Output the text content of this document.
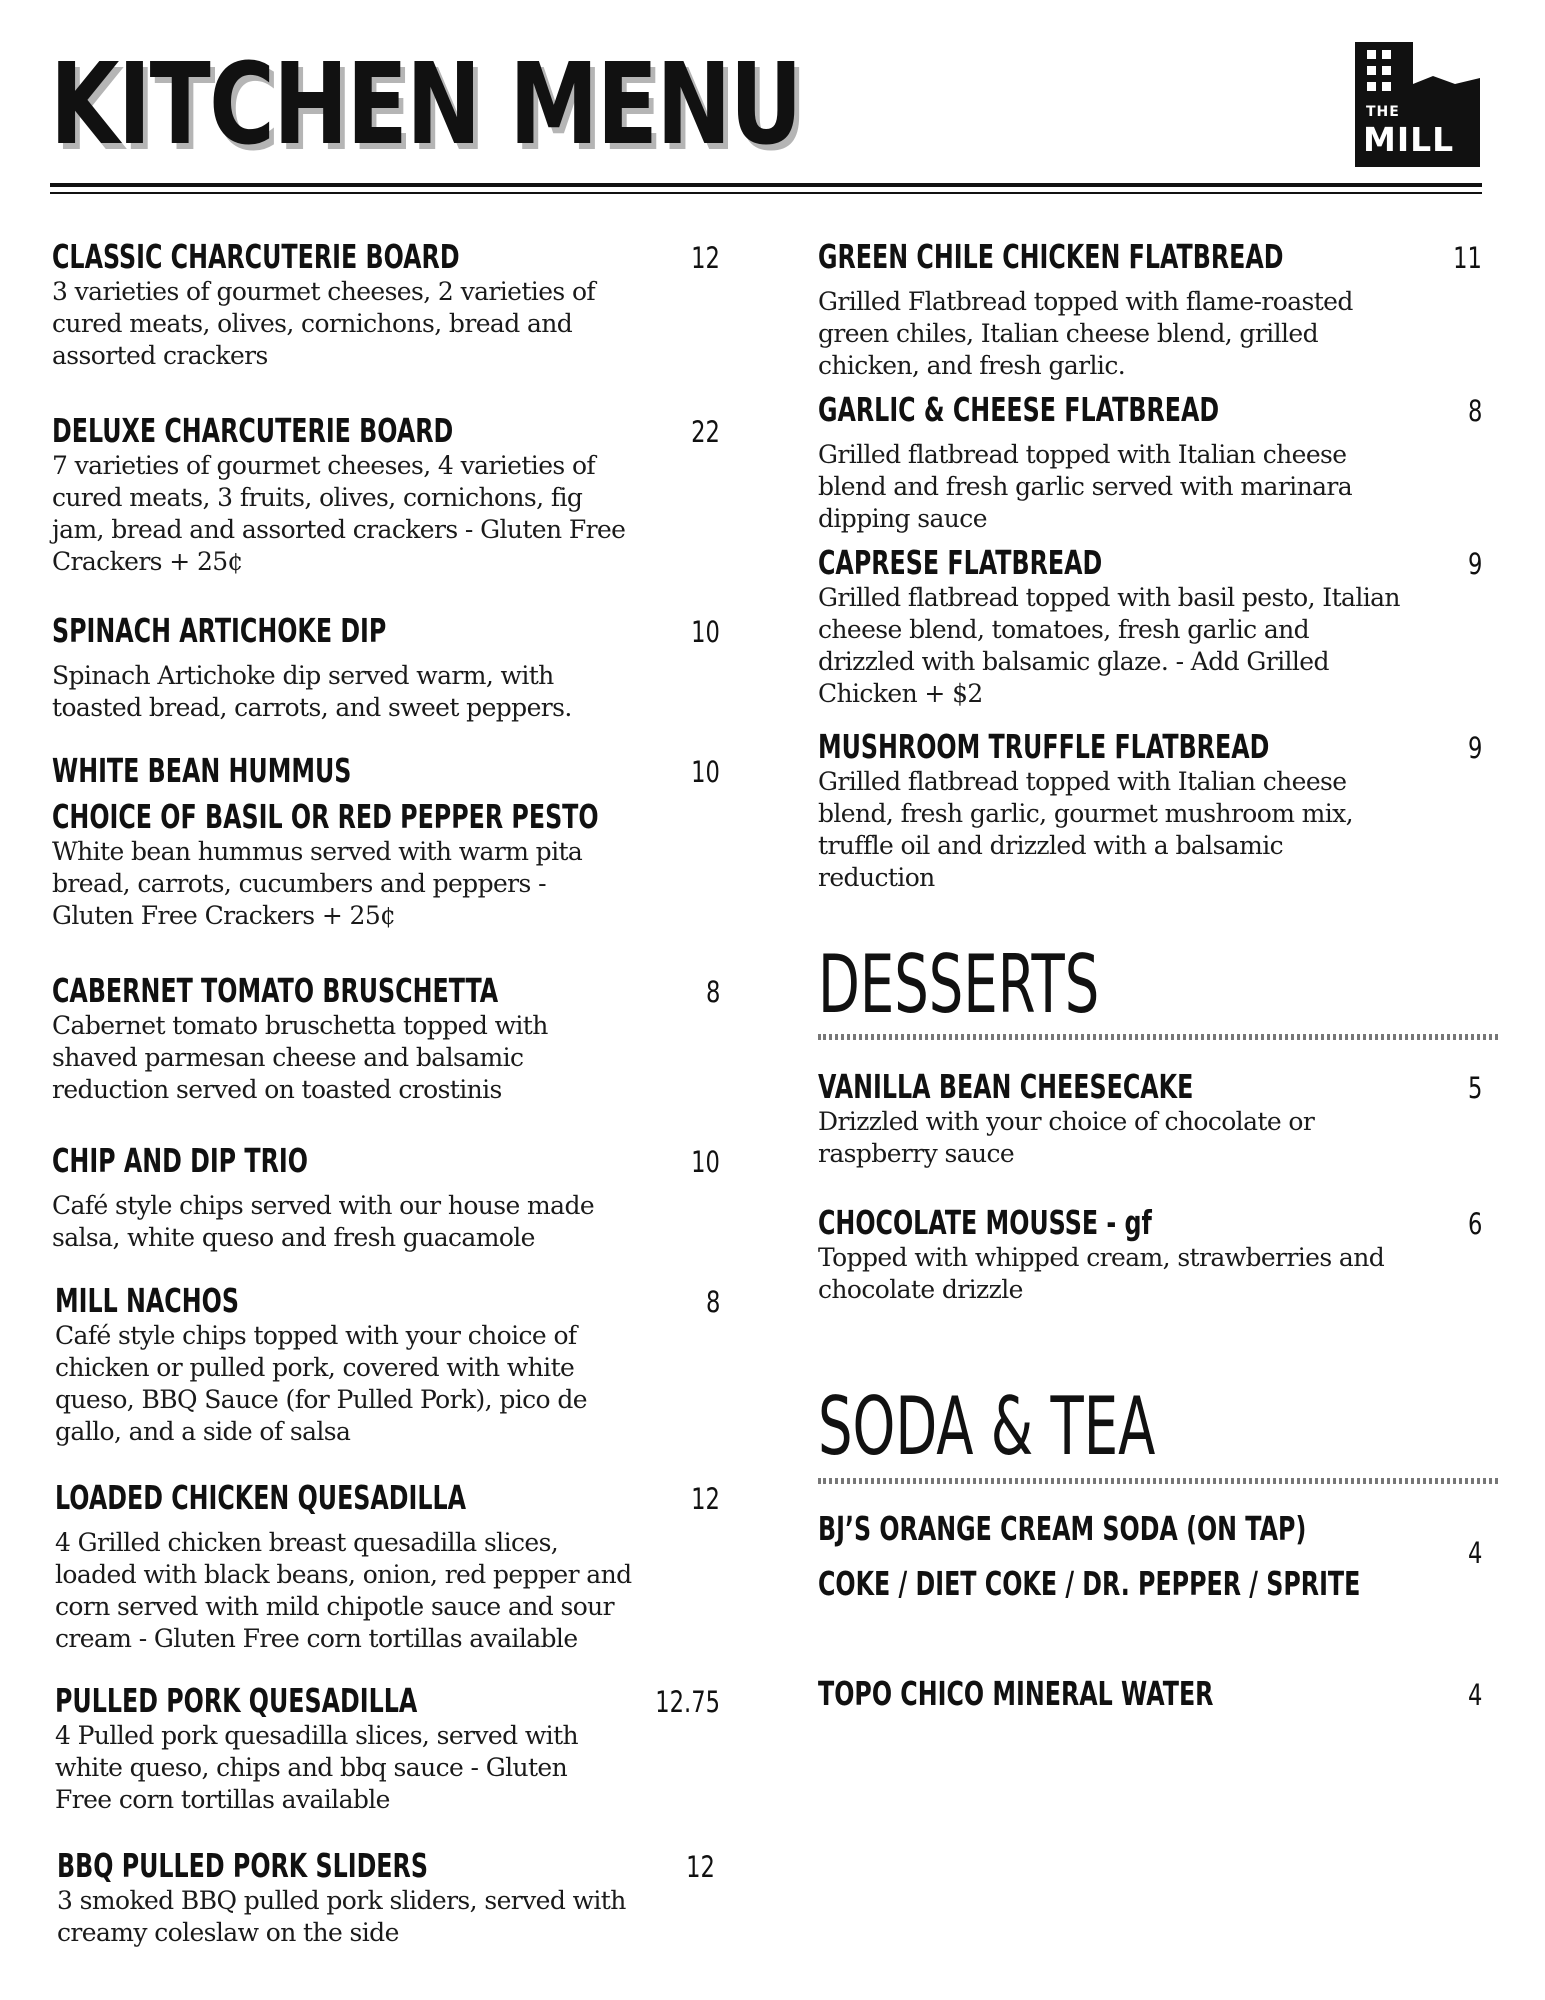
KITCHEN MENU	THE
MILL
CLASSIC CHARCUTERIE BOARD	12
3 varieties of gourmet cheeses, 2 varieties of cured meats, olives, cornichons, bread and assorted crackers
DELUXE CHARCUTERIE BOARD	22
7 varieties of gourmet cheeses, 4 varieties of cured meats, 3 fruits, olives, cornichons, fig jam, bread and assorted crackers - Gluten Free Crackers + 25¢
SPINACH ARTICHOKE DIP	10
Spinach Artichoke dip served warm, with toasted bread, carrots, and sweet peppers.
WHITE BEAN HUMMUS	10
CHOICE OF BASIL OR RED PEPPER PESTO
White bean hummus served with warm pita bread, carrots, cucumbers and peppers - Gluten Free Crackers + 25¢
CABERNET TOMATO BRUSCHETTA	8
Cabernet tomato bruschetta topped with shaved parmesan cheese and balsamic reduction served on toasted crostinis
CHIP AND DIP TRIO	10
Café style chips served with our house made salsa, white queso and fresh guacamole
MILL NACHOS	8
Café style chips topped with your choice of chicken or pulled pork, covered with white queso, BBQ Sauce (for Pulled Pork), pico de gallo, and a side of salsa
LOADED CHICKEN QUESADILLA	12
4 Grilled chicken breast quesadilla slices, loaded with black beans, onion, red pepper and corn served with mild chipotle sauce and sour cream - Gluten Free corn tortillas available
PULLED PORK QUESADILLA	12.75
4 Pulled pork quesadilla slices, served with white queso, chips and bbq sauce - Gluten Free corn tortillas available
BBQ PULLED PORK SLIDERS	12
3 smoked BBQ pulled pork sliders, served with creamy coleslaw on the side
GREEN CHILE CHICKEN FLATBREAD	11
Grilled Flatbread topped with flame-roasted green chiles, Italian cheese blend, grilled chicken, and fresh garlic.
GARLIC & CHEESE FLATBREAD	8
Grilled flatbread topped with Italian cheese blend and fresh garlic served with marinara dipping sauce
CAPRESE FLATBREAD	9
Grilled flatbread topped with basil pesto, Italian cheese blend, tomatoes, fresh garlic and drizzled with balsamic glaze. - Add Grilled Chicken + $2
MUSHROOM TRUFFLE FLATBREAD	9
Grilled flatbread topped with Italian cheese blend, fresh garlic, gourmet mushroom mix, truffle oil and drizzled with a balsamic reduction
DESSERTS
VANILLA BEAN CHEESECAKE	5
Drizzled with your choice of chocolate or raspberry sauce
CHOCOLATE MOUSSE - gf	6
Topped with whipped cream, strawberries and chocolate drizzle
SODA & TEA
BJ’S ORANGE CREAM SODA (ON TAP)
COKE / DIET COKE / DR. PEPPER / SPRITE
4
TOPO CHICO MINERAL WATER	4
